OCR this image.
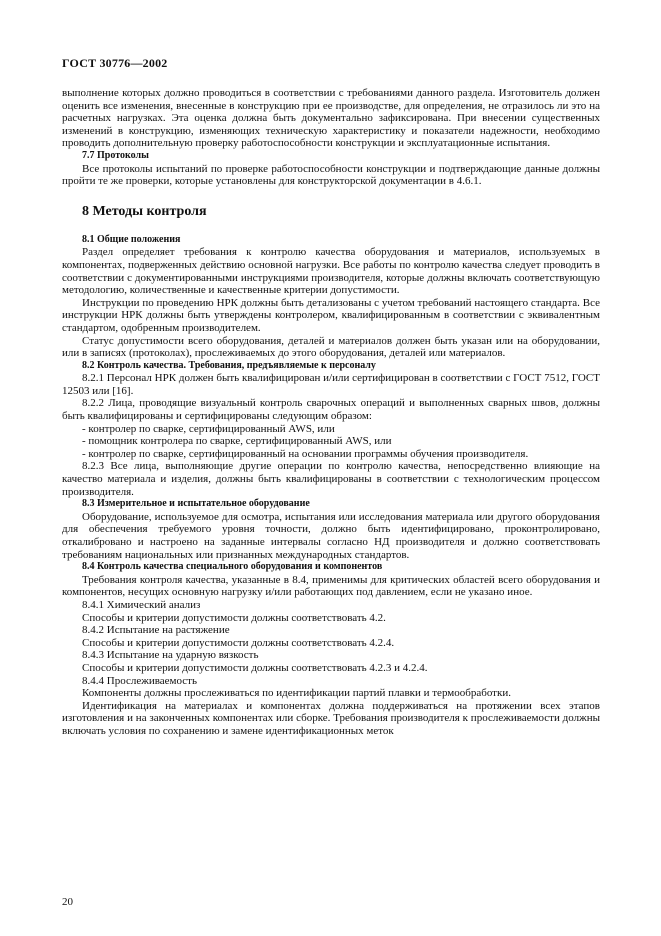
ГОСТ 30776—2002

выполнение которых должно проводиться в соответствии с требованиями данного раздела. Изготовитель должен оценить все изменения, внесенные в конструкцию при ее производстве, для определения, не отразилось ли это на расчетных нагрузках. Эта оценка должна быть документально зафиксирована. При внесении существенных изменений в конструкцию, изменяющих техническую характеристику и показатели надежности, необходимо проводить дополнительную проверку работоспособности конструкции и эксплуатационные испытания.

7.7 Протоколы

Все протоколы испытаний по проверке работоспособности конструкции и подтверждающие данные должны пройти те же проверки, которые установлены для конструкторской документации в 4.6.1.

8 Методы контроля

8.1 Общие положения

Раздел определяет требования к контролю качества оборудования и материалов, используемых в компонентах, подверженных действию основной нагрузки. Все работы по контролю качества следует проводить в соответствии с документированными инструкциями производителя, которые должны включать соответствующую методологию, количественные и качественные критерии допустимости.

Инструкции по проведению НРК должны быть детализованы с учетом требований настоящего стандарта. Все инструкции НРК должны быть утверждены контролером, квалифицированным в соответствии с эквивалентным стандартом, одобренным производителем.

Статус допустимости всего оборудования, деталей и материалов должен быть указан или на оборудовании, или в записях (протоколах), прослеживаемых до этого оборудования, деталей или материалов.

8.2 Контроль качества. Требования, предъявляемые к персоналу

8.2.1 Персонал НРК должен быть квалифицирован и/или сертифицирован в соответствии с ГОСТ 7512, ГОСТ 12503 или [16].

8.2.2 Лица, проводящие визуальный контроль сварочных операций и выполненных сварных швов, должны быть квалифицированы и сертифицированы следующим образом:

- контролер по сварке, сертифицированный AWS, или

- помощник контролера по сварке, сертифицированный AWS, или

- контролер по сварке, сертифицированный на основании программы обучения производителя.

8.2.3 Все лица, выполняющие другие операции по контролю качества, непосредственно влияющие на качество материала и изделия, должны быть квалифицированы в соответствии с технологическим процессом производителя.

8.3 Измерительное и испытательное оборудование

Оборудование, используемое для осмотра, испытания или исследования материала или другого оборудования для обеспечения требуемого уровня точности, должно быть идентифицировано, проконтролировано, откалибровано и настроено на заданные интервалы согласно НД производителя и должно соответствовать требованиям национальных или признанных международных стандартов.

8.4 Контроль качества специального оборудования и компонентов

Требования контроля качества, указанные в 8.4, применимы для критических областей всего оборудования и компонентов, несущих основную нагрузку и/или работающих под давлением, если не указано иное.

8.4.1 Химический анализ

Способы и критерии допустимости должны соответствовать 4.2.

8.4.2 Испытание на растяжение

Способы и критерии допустимости должны соответствовать 4.2.4.

8.4.3 Испытание на ударную вязкость

Способы и критерии допустимости должны соответствовать 4.2.3 и 4.2.4.

8.4.4 Прослеживаемость

Компоненты должны прослеживаться по идентификации партий плавки и термообработки.

Идентификация на материалах и компонентах должна поддерживаться на протяжении всех этапов изготовления и на законченных компонентах или сборке. Требования производителя к прослеживаемости должны включать условия по сохранению и замене идентификационных меток

20
